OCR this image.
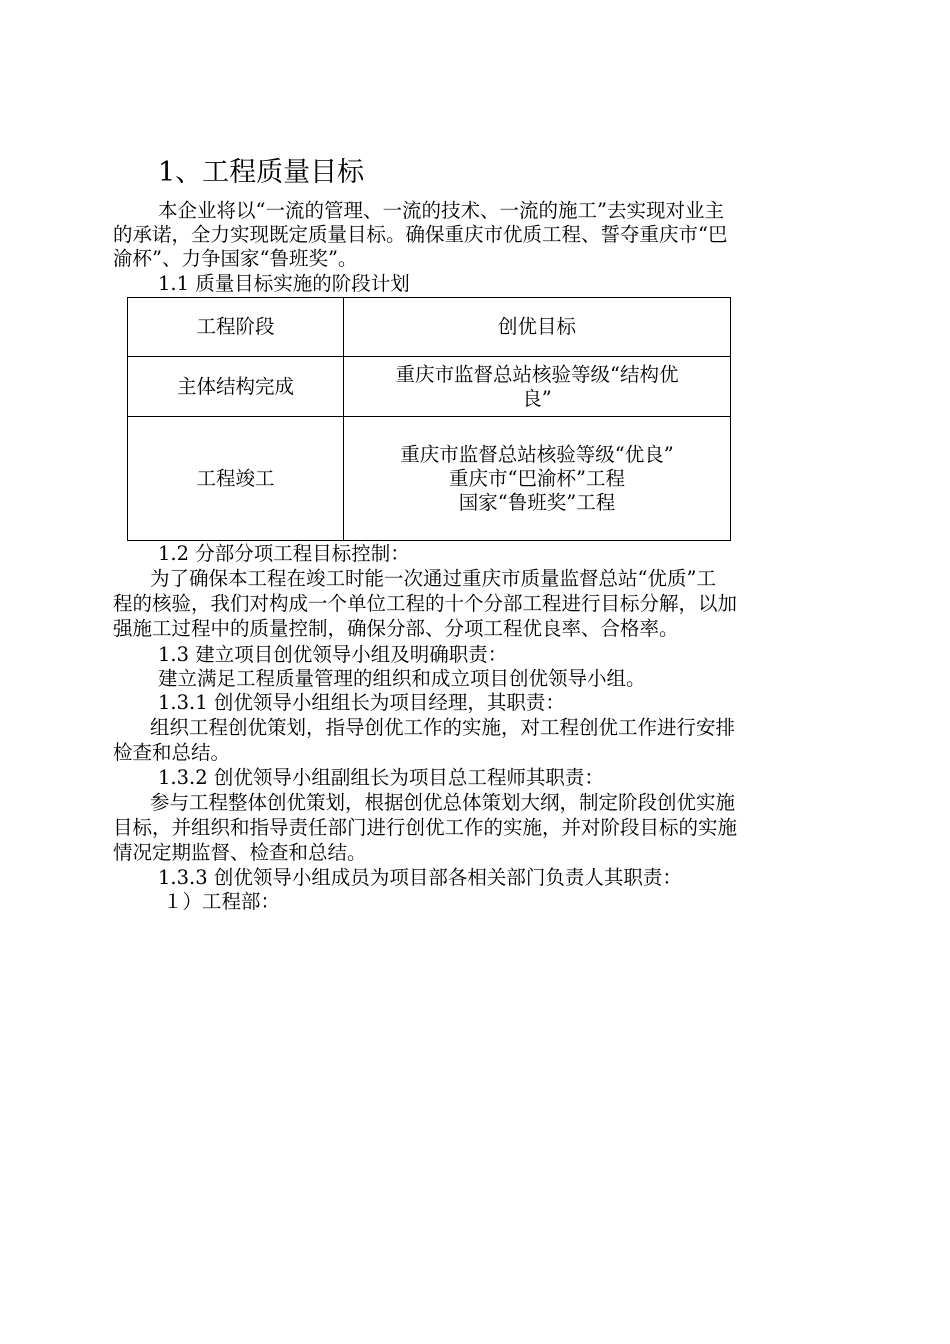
1、工程质量目标
本企业将以“一流的管理、一流的技术、一流的施工”去实现对业主
的承诺，全力实现既定质量目标。确保重庆市优质工程、誓夺重庆市“巴
渝杯”、力争国家“鲁班奖”。
1.1 质量目标实施的阶段计划
工程阶段	创优目标
主体结构完成	重庆市监督总站核验等级“结构优
良”

工程竣工	重庆市监督总站核验等级“优良”
重庆市“巴渝杯”工程
国家“鲁班奖”工程
1.2 分部分项工程目标控制：
为了确保本工程在竣工时能一次通过重庆市质量监督总站“优质”工
程的核验，我们对构成一个单位工程的十个分部工程进行目标分解，以加
强施工过程中的质量控制，确保分部、分项工程优良率、合格率。
1.3 建立项目创优领导小组及明确职责：
建立满足工程质量管理的组织和成立项目创优领导小组。
1.3.1 创优领导小组组长为项目经理，其职责：
组织工程创优策划，指导创优工作的实施，对工程创优工作进行安排
检查和总结。
1.3.2 创优领导小组副组长为项目总工程师其职责：
参与工程整体创优策划，根据创优总体策划大纲，制定阶段创优实施
目标，并组织和指导责任部门进行创优工作的实施，并对阶段目标的实施
情况定期监督、检查和总结。
1.3.3 创优领导小组成员为项目部各相关部门负责人其职责：
１）工程部：
